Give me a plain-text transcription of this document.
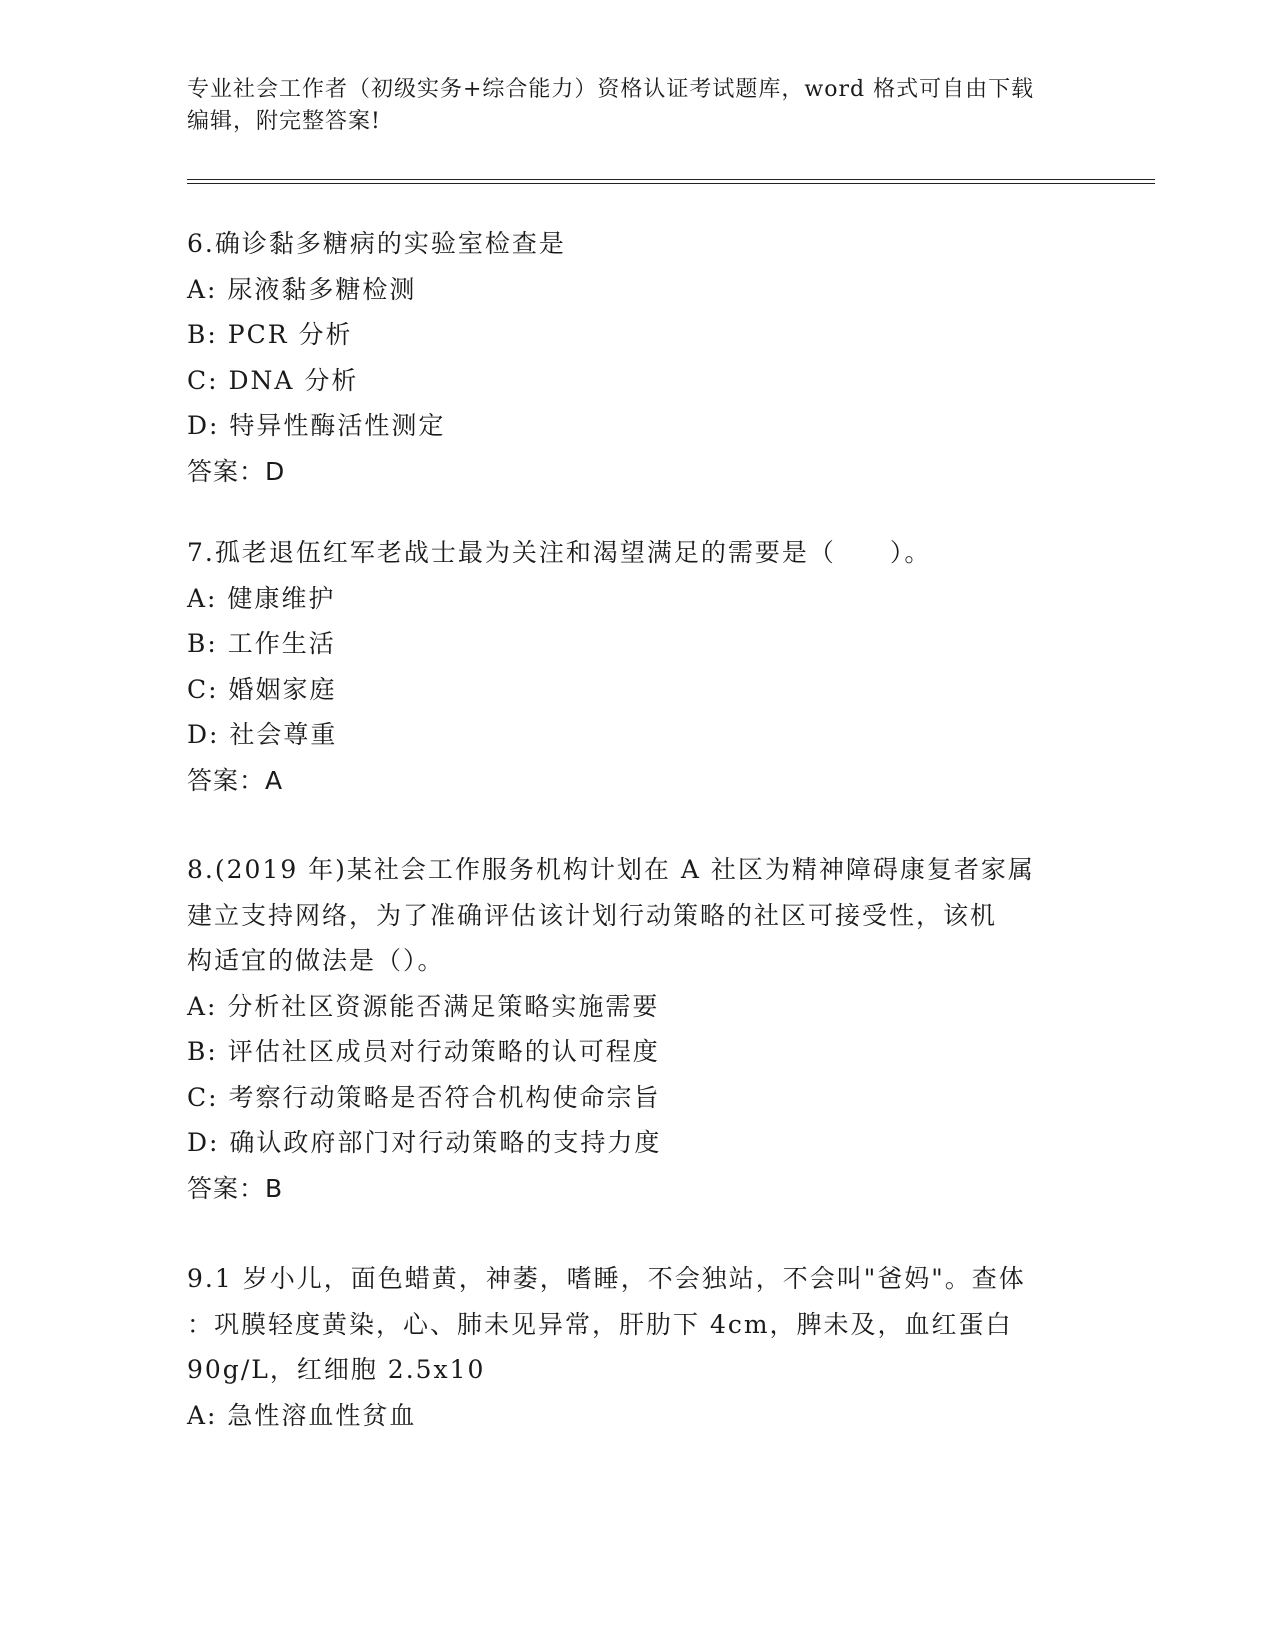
专业社会工作者（初级实务+综合能力）资格认证考试题库，word 格式可自由下载
编辑，附完整答案!
6.确诊黏多糖病的实验室检查是
A: 尿液黏多糖检测
B: PCR 分析
C: DNA 分析
D: 特异性酶活性测定
答案：D
7.孤老退伍红军老战士最为关注和渴望满足的需要是（　　）。
A: 健康维护
B: 工作生活
C: 婚姻家庭
D: 社会尊重
答案：A
8.(2019 年)某社会工作服务机构计划在 A 社区为精神障碍康复者家属
建立支持网络，为了准确评估该计划行动策略的社区可接受性，该机
构适宜的做法是（）。
A: 分析社区资源能否满足策略实施需要
B: 评估社区成员对行动策略的认可程度
C: 考察行动策略是否符合机构使命宗旨
D: 确认政府部门对行动策略的支持力度
答案：B
9.1 岁小儿，面色蜡黄，神萎，嗜睡，不会独站，不会叫"爸妈"。查体
：巩膜轻度黄染，心、肺未见异常，肝肋下 4cm，脾未及，血红蛋白
90g/L，红细胞 2.5x10
A: 急性溶血性贫血
